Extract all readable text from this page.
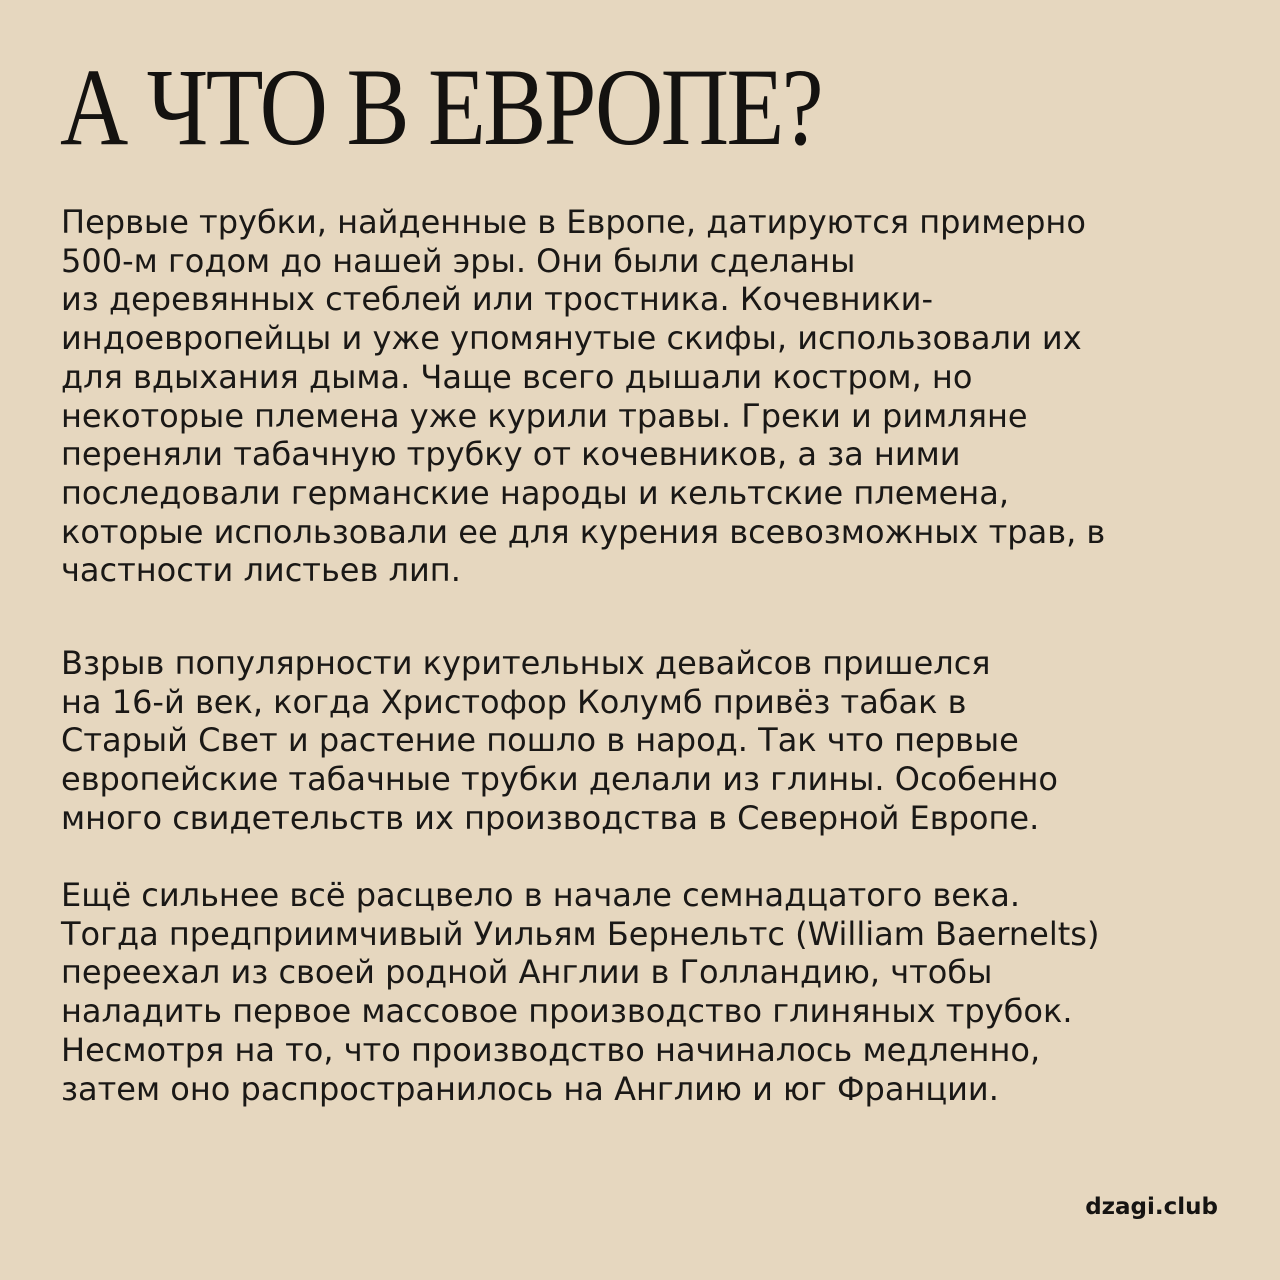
А ЧТО В ЕВРОПЕ?

Первые трубки, найденные в Европе, датируются примерно
500-м годом до нашей эры. Они были сделаны
из деревянных стеблей или тростника. Кочевники-
индоевропейцы и уже упомянутые скифы, использовали их
для вдыхания дыма. Чаще всего дышали костром, но
некоторые племена уже курили травы. Греки и римляне
переняли табачную трубку от кочевников, а за ними
последовали германские народы и кельтские племена,
которые использовали ее для курения всевозможных трав, в
частности листьев лип.

Взрыв популярности курительных девайсов пришелся
на 16-й век, когда Христофор Колумб привёз табак в
Старый Свет и растение пошло в народ. Так что первые
европейские табачные трубки делали из глины. Особенно
много свидетельств их производства в Северной Европе.

Ещё сильнее всё расцвело в начале семнадцатого века.
Тогда предприимчивый Уильям Бернельтс (William Baernelts)
переехал из своей родной Англии в Голландию, чтобы
наладить первое массовое производство глиняных трубок.
Несмотря на то, что производство начиналось медленно,
затем оно распространилось на Англию и юг Франции.

dzagi.club
